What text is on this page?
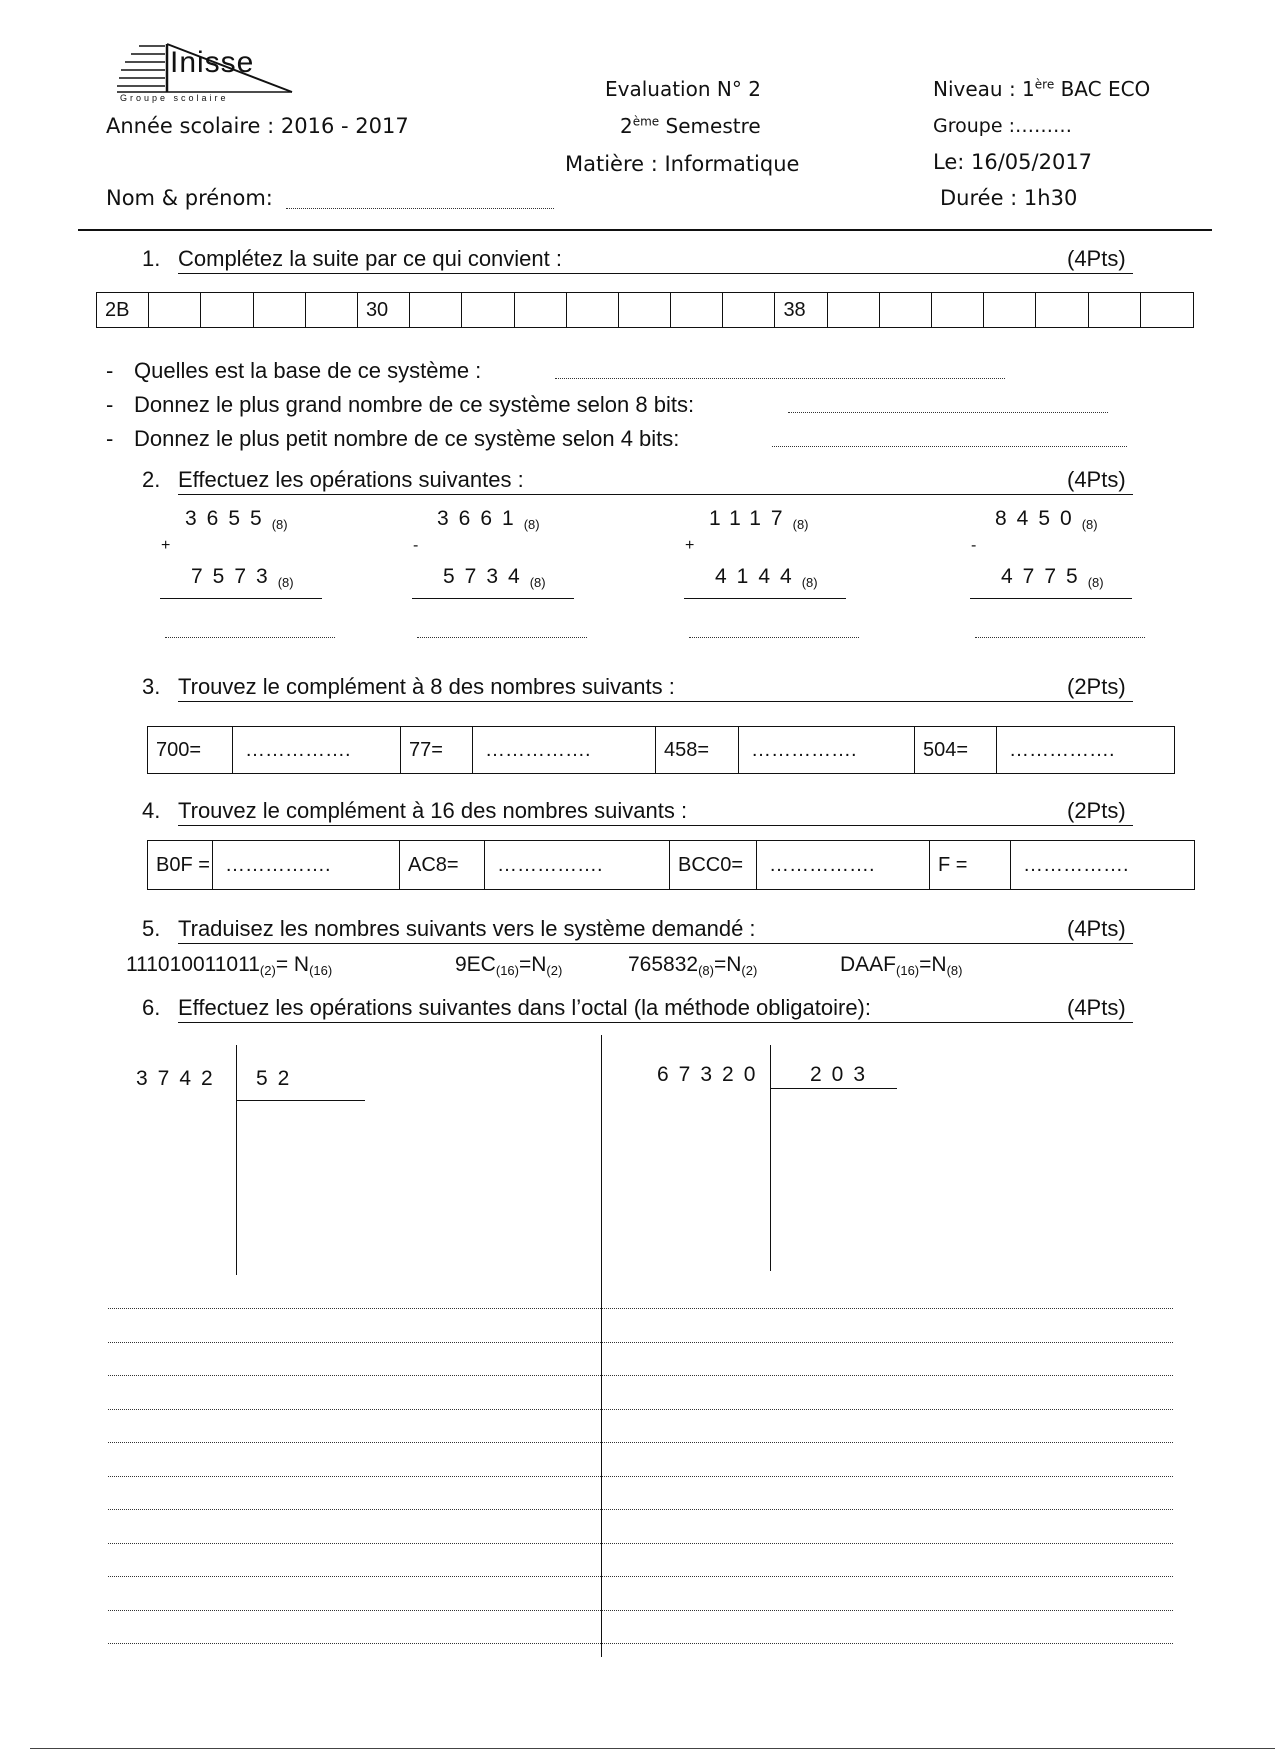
Inisse
Groupe scolaire
Année scolaire : 2016 - 2017
Nom & prénom:
Evaluation N° 2
2ème Semestre
Matière : Informatique
Niveau : 1ère BAC ECO
Groupe :………
Le: 16/05/2017
Durée : 1h30
1. Complétez la suite par ce qui convient :	(4Pts)
2B	30	38
- Quelles est la base de ce système :
- Donnez le plus grand nombre de ce système selon 8 bits:
- Donnez le plus petit nombre de ce système selon 4 bits:
2. Effectuez les opérations suivantes :	(4Pts)
$3655_{(8)}$
+
$7573_{(8)}$
$3661_{(8)}$
-
$5734_{(8)}$
$1117_{(8)}$
+
$4144_{(8)}$
$8450_{(8)}$
-
$4775_{(8)}$
3. Trouvez le complément à 8 des nombres suivants :	(2Pts)
700=	…………….	77=	…………….	458=	…………….	504=	…………….
4. Trouvez le complément à 16 des nombres suivants :	(2Pts)
B0F = …………….	AC8=	…………….	BCC0=	…………….	F =	…………….
5. Traduisez les nombres suivants vers le système demandé :	(4Pts)
$111010011011_{(2)}= N_{(16)}$	$9EC_{(16)}=N_{(2)}$	$765832_{(8)}=N_{(2)}$	$DAAF_{(16)}=N_{(8)}$
6. Effectuez les opérations suivantes dans l’octal (la méthode obligatoire):	(4Pts)
3742 52	67320 203
